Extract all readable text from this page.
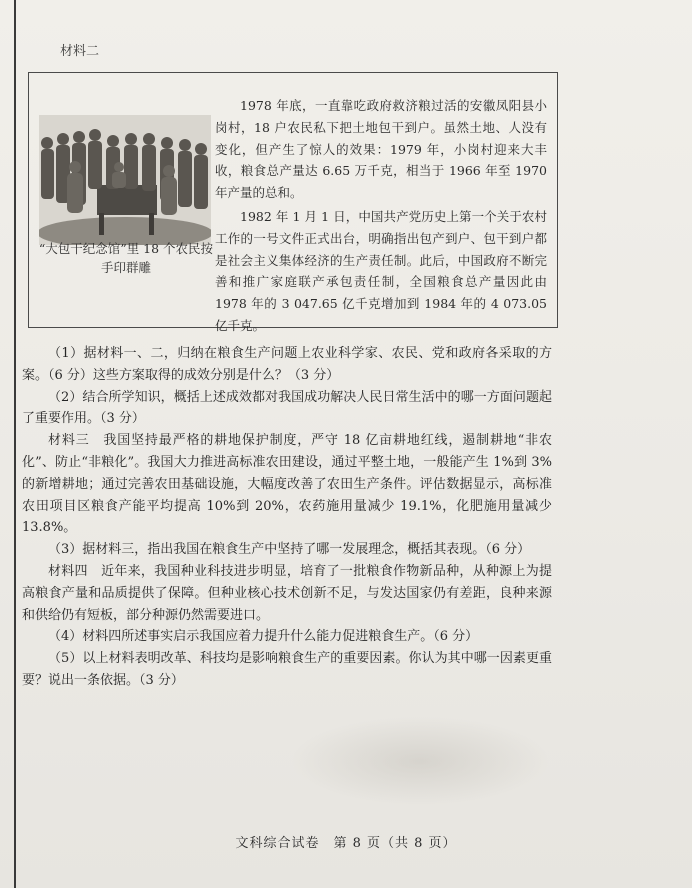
材料二
“大包干纪念馆”里 18 个农民按手印群雕

1978 年底，一直靠吃政府救济粮过活的安徽凤阳县小岗村，18 户农民私下把土地包干到户。虽然土地、人没有变化，但产生了惊人的效果：1979 年，小岗村迎来大丰收，粮食总产量达 6.65 万千克，相当于 1966 年至 1970 年产量的总和。

1982 年 1 月 1 日，中国共产党历史上第一个关于农村工作的一号文件正式出台，明确指出包产到户、包干到户都是社会主义集体经济的生产责任制。此后，中国政府不断完善和推广家庭联产承包责任制，全国粮食总产量因此由 1978 年的 3 047.65 亿千克增加到 1984 年的 4 073.05 亿千克。

（1）据材料一、二，归纳在粮食生产问题上农业科学家、农民、党和政府各采取的方案。（6 分）这些方案取得的成效分别是什么？（3 分）

（2）结合所学知识，概括上述成效都对我国成功解决人民日常生活中的哪一方面问题起了重要作用。（3 分）

材料三　我国坚持最严格的耕地保护制度，严守 18 亿亩耕地红线，遏制耕地“非农化”、防止“非粮化”。我国大力推进高标准农田建设，通过平整土地，一般能产生 1%到 3%的新增耕地；通过完善农田基础设施，大幅度改善了农田生产条件。评估数据显示，高标准农田项目区粮食产能平均提高 10%到 20%，农药施用量减少 19.1%，化肥施用量减少 13.8%。

（3）据材料三，指出我国在粮食生产中坚持了哪一发展理念，概括其表现。（6 分）

材料四　近年来，我国种业科技进步明显，培育了一批粮食作物新品种，从种源上为提高粮食产量和品质提供了保障。但种业核心技术创新不足，与发达国家仍有差距，良种来源和供给仍有短板，部分种源仍然需要进口。

（4）材料四所述事实启示我国应着力提升什么能力促进粮食生产。（6 分）

（5）以上材料表明改革、科技均是影响粮食生产的重要因素。你认为其中哪一因素更重要？说出一条依据。（3 分）

文科综合试卷　第 8 页（共 8 页）
